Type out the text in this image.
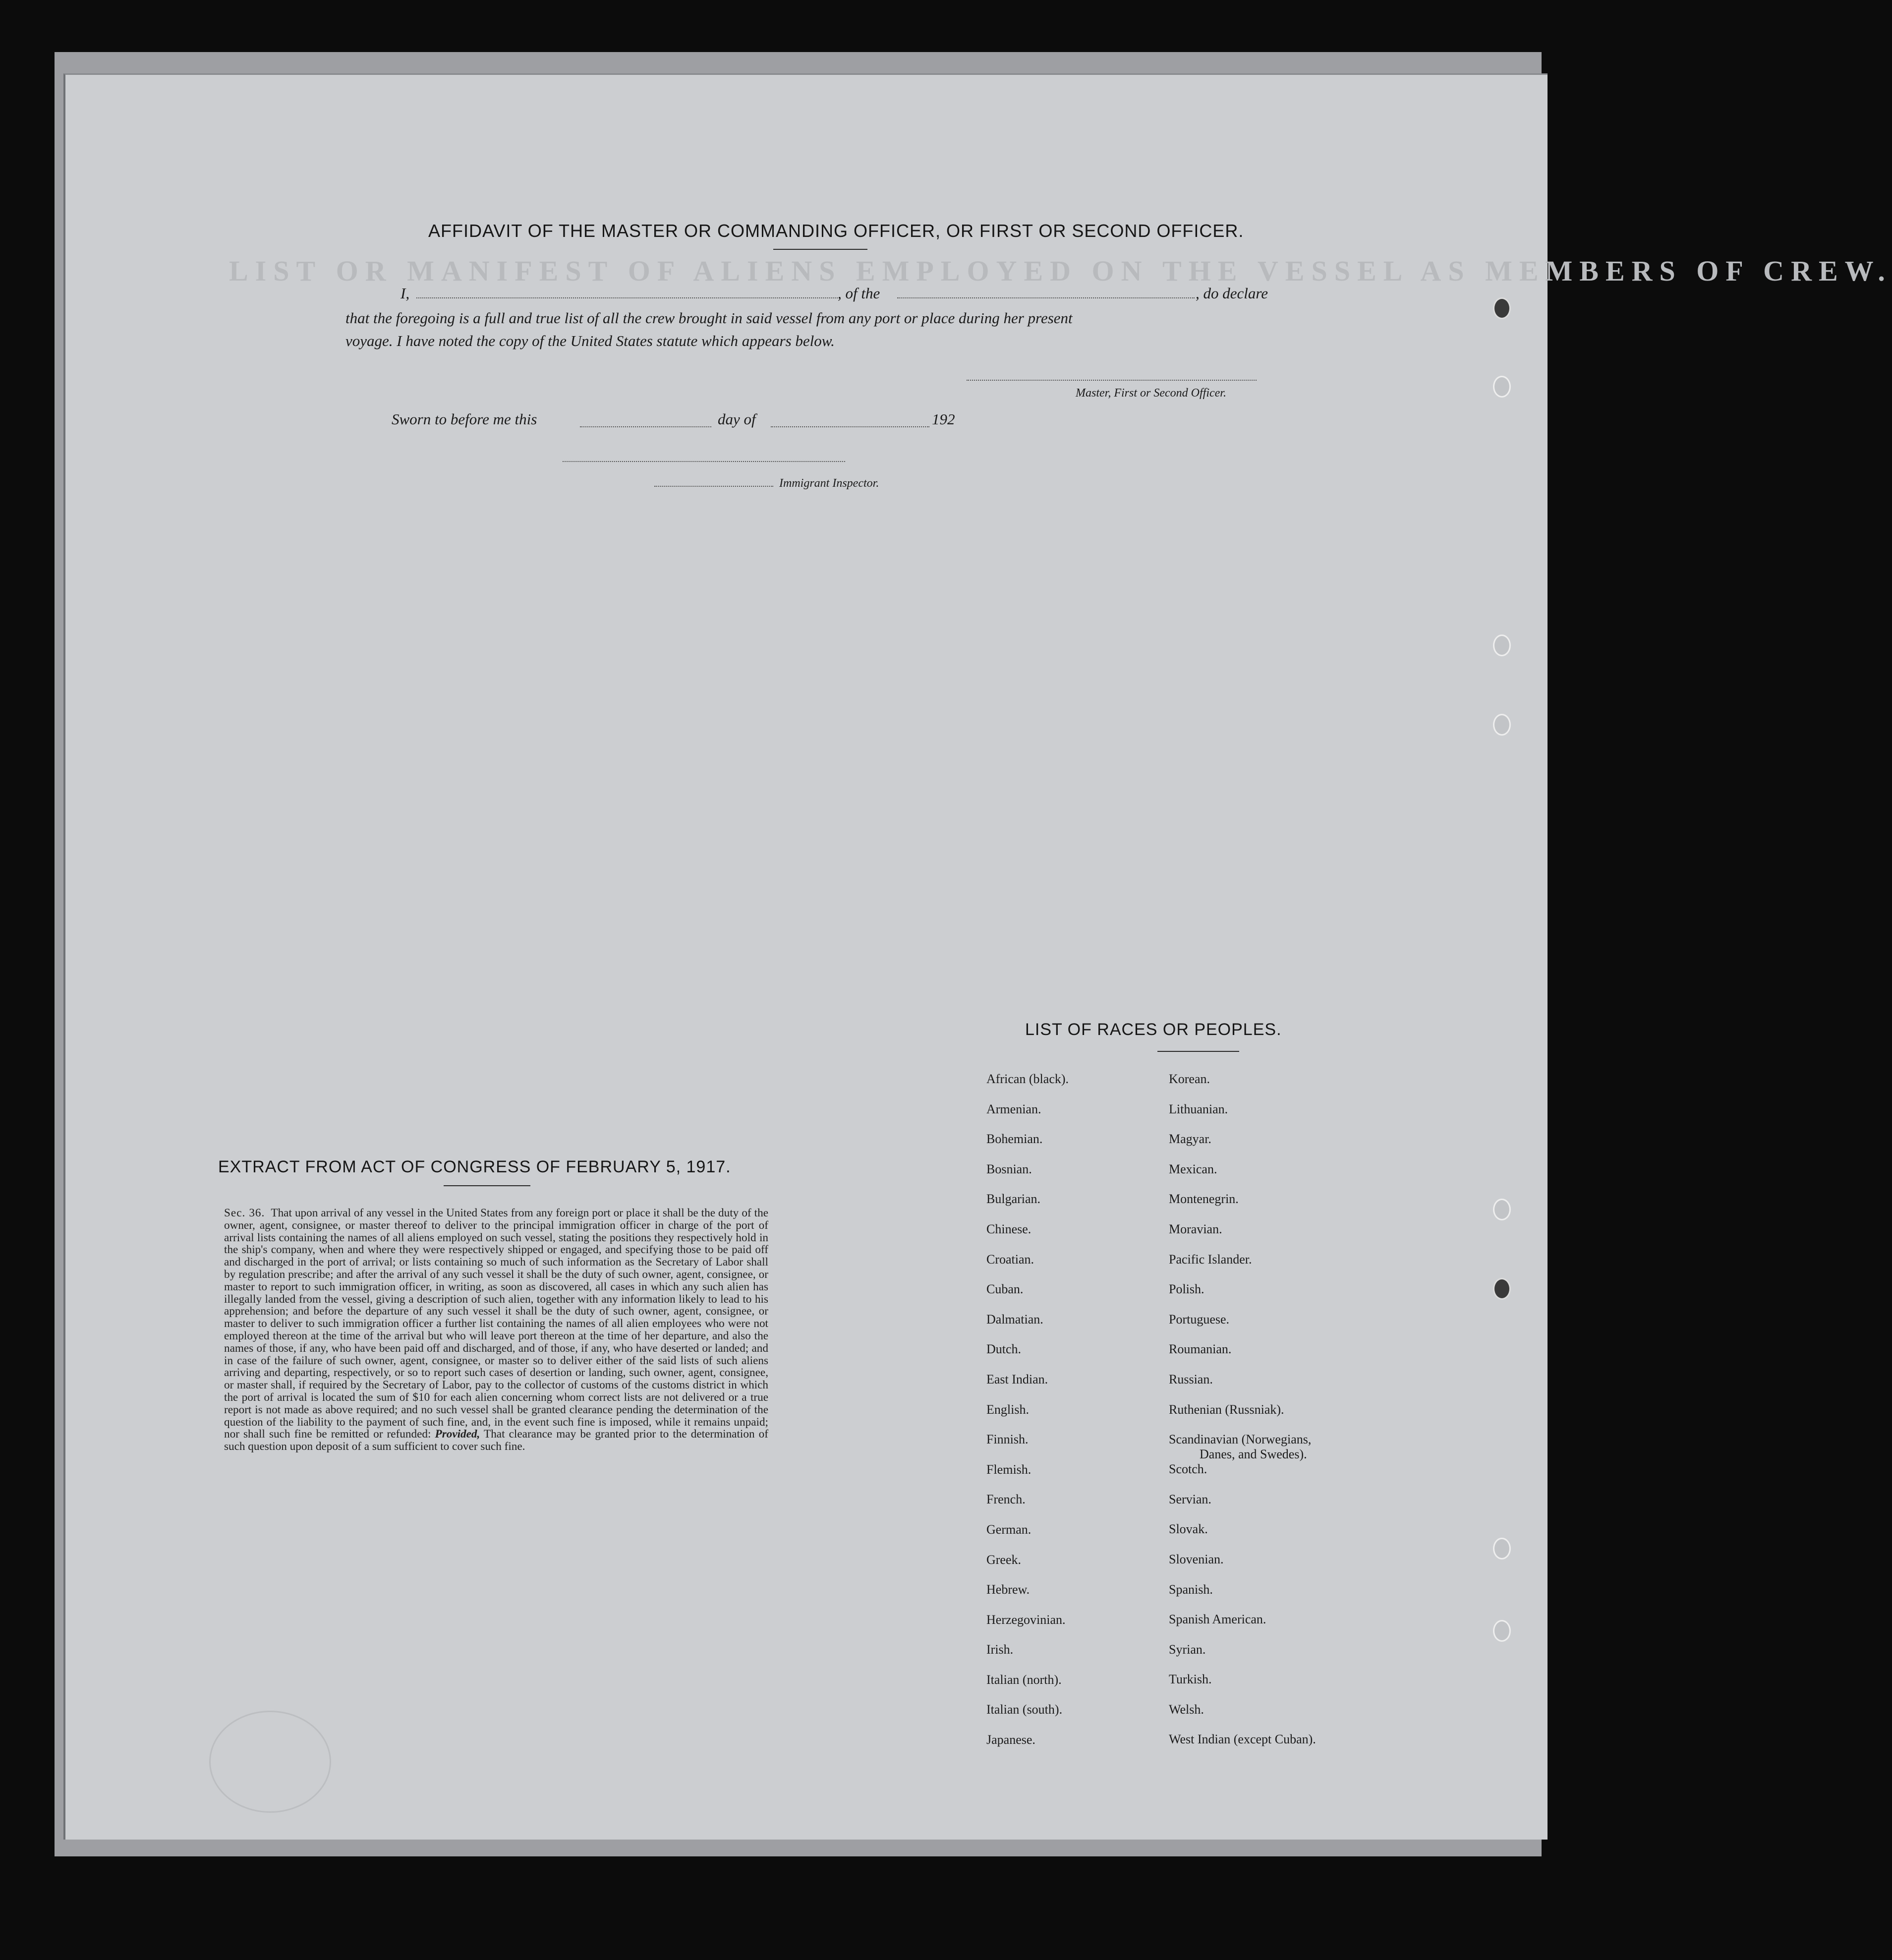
LIST OR MANIFEST OF ALIENS EMPLOYED ON THE VESSEL AS MEMBERS OF CREW.
AFFIDAVIT OF THE MASTER OR COMMANDING OFFICER, OR FIRST OR SECOND OFFICER.
I,	, of the	, do declare
that the foregoing is a full and true list of all the crew brought in said vessel from any port or place during her present
voyage. I have noted the copy of the United States statute which appears below.
Master, First or Second Officer.
Sworn to before me this	day of	192
Immigrant Inspector.
EXTRACT FROM ACT OF CONGRESS OF FEBRUARY 5, 1917.
Sec. 36. That upon arrival of any vessel in the United States from any foreign port or place it shall be the duty of the owner, agent, consignee, or master thereof to deliver to the principal immigration officer in charge of the port of arrival lists containing the names of all aliens employed on such vessel, stating the positions they respectively hold in the ship's company, when and where they were respectively shipped or engaged, and specifying those to be paid off and discharged in the port of arrival; or lists containing so much of such information as the Secretary of Labor shall by regulation prescribe; and after the arrival of any such vessel it shall be the duty of such owner, agent, consignee, or master to report to such immigration officer, in writing, as soon as discovered, all cases in which any such alien has illegally landed from the vessel, giving a description of such alien, together with any information likely to lead to his apprehension; and before the departure of any such vessel it shall be the duty of such owner, agent, consignee, or master to deliver to such immigration officer a further list containing the names of all alien employees who were not employed thereon at the time of the arrival but who will leave port thereon at the time of her departure, and also the names of those, if any, who have been paid off and discharged, and of those, if any, who have deserted or landed; and in case of the failure of such owner, agent, consignee, or master so to deliver either of the said lists of such aliens arriving and departing, respectively, or so to report such cases of desertion or landing, such owner, agent, consignee, or master shall, if required by the Secretary of Labor, pay to the collector of customs of the customs district in which the port of arrival is located the sum of $10 for each alien concerning whom correct lists are not delivered or a true report is not made as above required; and no such vessel shall be granted clearance pending the determination of the question of the liability to the payment of such fine, and, in the event such fine is imposed, while it remains unpaid; nor shall such fine be remitted or refunded: Provided, That clearance may be granted prior to the determination of such question upon deposit of a sum sufficient to cover such fine.
LIST OF RACES OR PEOPLES.
African (black).
Armenian.
Bohemian.
Bosnian.
Bulgarian.
Chinese.
Croatian.
Cuban.
Dalmatian.
Dutch.
East Indian.
English.
Finnish.
Flemish.
French.
German.
Greek.
Hebrew.
Herzegovinian.
Irish.
Italian (north).
Italian (south).
Japanese.
Korean.
Lithuanian.
Magyar.
Mexican.
Montenegrin.
Moravian.
Pacific Islander.
Polish.
Portuguese.
Roumanian.
Russian.
Ruthenian (Russniak).
Scandinavian (Norwegians,
Danes, and Swedes).
Scotch.
Servian.
Slovak.
Slovenian.
Spanish.
Spanish American.
Syrian.
Turkish.
Welsh.
West Indian (except Cuban).
